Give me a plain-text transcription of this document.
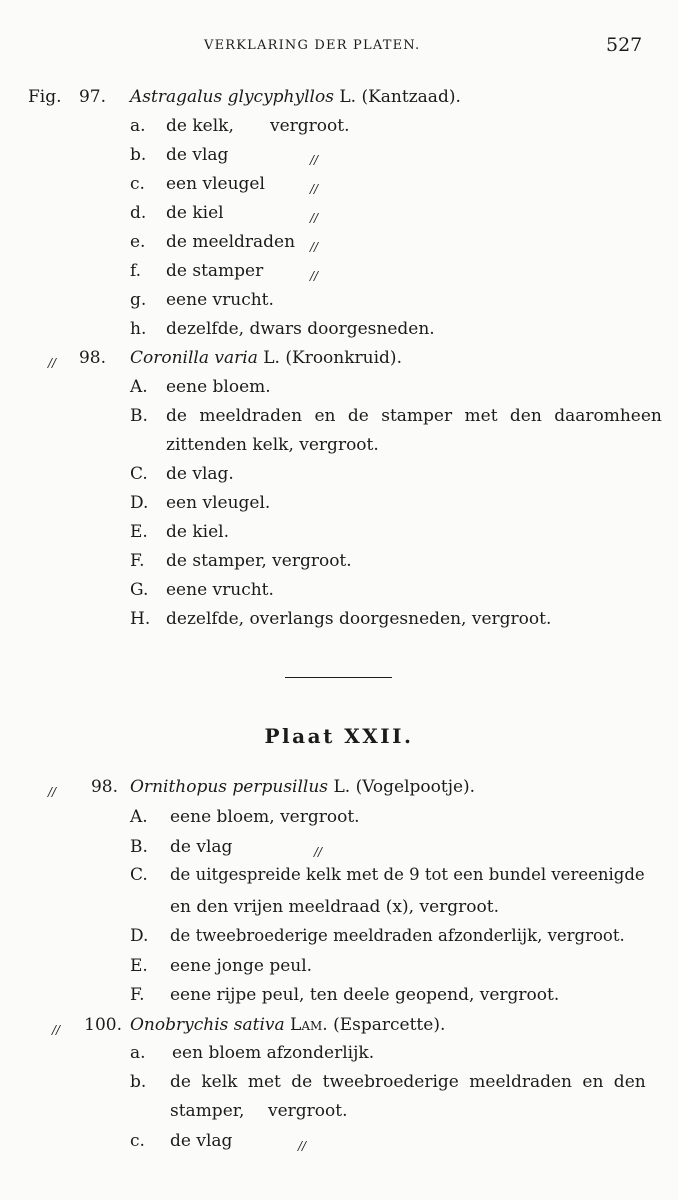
VERKLARING DER PLATEN.	527
Fig. 97. Astragalus glycyphyllos L. (Kantzaad).
a.	de kelk, vergroot.
b.	de vlag	//
c.	een vleugel	//
d.	de kiel	//
e.	de meeldraden //
f.	de stamper	//
g.	eene vrucht.
h.	dezelfde, dwars doorgesneden.
// 98. Coronilla varia L. (Kroonkruid).
A. eene bloem.
B. de meeldraden en de stamper met den daaromheen
zittenden kelk, vergroot.
C. de vlag.
D. een vleugel.
E. de kiel.
F.	de stamper, vergroot.
G. eene vrucht.
H. dezelfde, overlangs doorgesneden, vergroot.
Plaat XXII.
// 98. Ornithopus perpusillus L. (Vogelpootje).
A. eene bloem, vergroot.
B. de vlag	//
C. de uitgespreide kelk met de 9 tot een bundel vereenigde
en den vrijen meeldraad (x), vergroot.
D. de tweebroederige meeldraden afzonderlijk, vergroot.
E. eene jonge peul.
F.	eene rijpe peul, ten deele geopend, vergroot.
// 100. Onobrychis sativa Lam. (Esparcette).
a.	een bloem afzonderlijk.
b.	de kelk met de tweebroederige meeldraden en den
stamper, vergroot.
c.	de vlag	//
